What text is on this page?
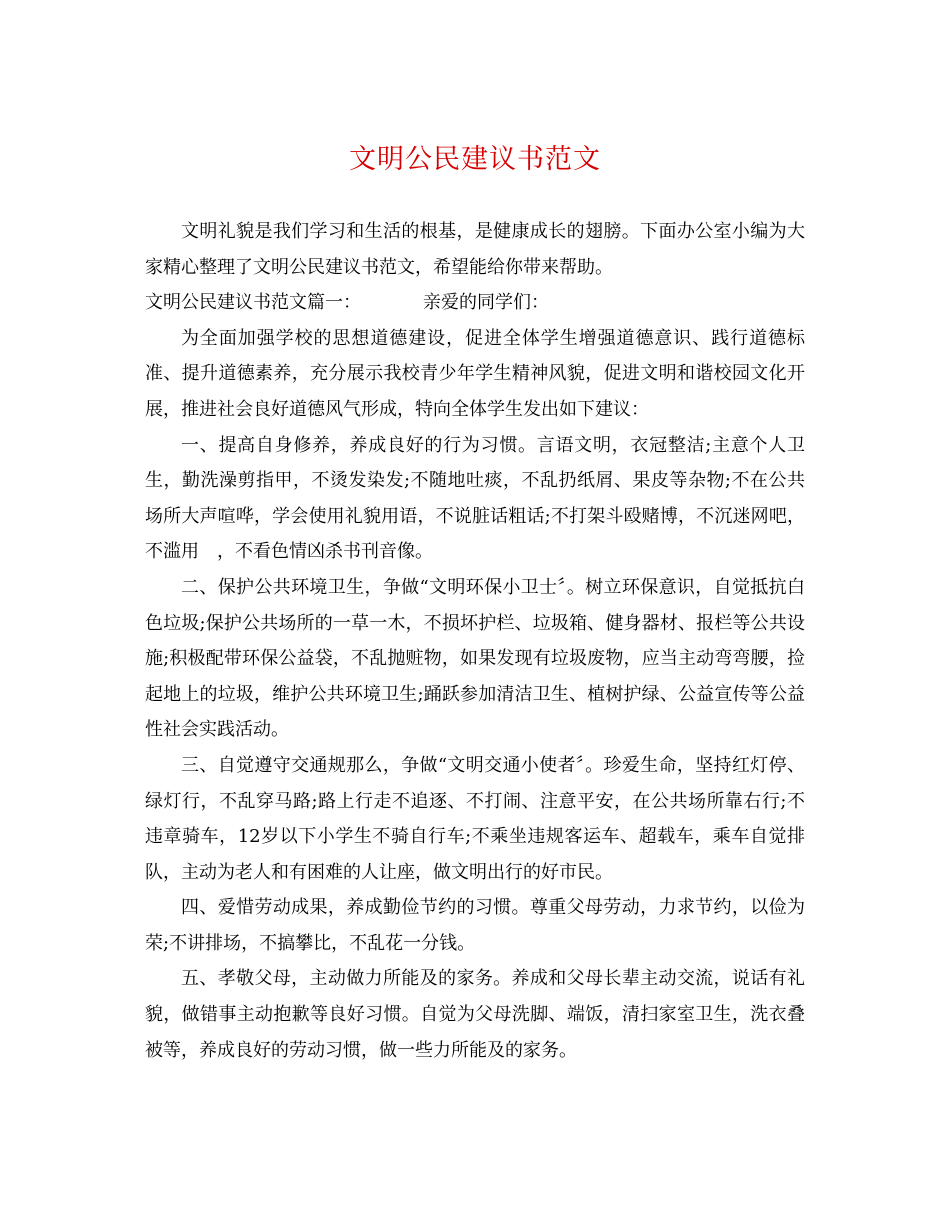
文明公民建议书范文

文明礼貌是我们学习和生活的根基，是健康成长的翅膀。下面办公室小编为大家精心整理了文明公民建议书范文，希望能给你带来帮助。

文明公民建议书范文篇一：	亲爱的同学们：

为全面加强学校的思想道德建设，促进全体学生增强道德意识、践行道德标准、提升道德素养，充分展示我校青少年学生精神风貌，促进文明和谐校园文化开展，推进社会良好道德风气形成，特向全体学生发出如下建议：

一、提高自身修养，养成良好的行为习惯。言语文明，衣冠整洁;主意个人卫生，勤洗澡剪指甲，不烫发染发;不随地吐痰，不乱扔纸屑、果皮等杂物;不在公共场所大声喧哗，学会使用礼貌用语，不说脏话粗话;不打架斗殴赌博，不沉迷网吧，不滥用　，不看色情凶杀书刊音像。

二、保护公共环境卫生，争做“文明环保小卫士〞。树立环保意识，自觉抵抗白色垃圾;保护公共场所的一草一木，不损坏护栏、垃圾箱、健身器材、报栏等公共设施;积极配带环保公益袋，不乱抛赃物，如果发现有垃圾废物，应当主动弯弯腰，捡起地上的垃圾，维护公共环境卫生;踊跃参加清洁卫生、植树护绿、公益宣传等公益性社会实践活动。

三、自觉遵守交通规那么，争做“文明交通小使者〞。珍爱生命，坚持红灯停、绿灯行，不乱穿马路;路上行走不追逐、不打闹、注意平安，在公共场所靠右行;不违章骑车，12岁以下小学生不骑自行车;不乘坐违规客运车、超载车，乘车自觉排队，主动为老人和有困难的人让座，做文明出行的好市民。

四、爱惜劳动成果，养成勤俭节约的习惯。尊重父母劳动，力求节约，以俭为荣;不讲排场，不搞攀比，不乱花一分钱。

五、孝敬父母，主动做力所能及的家务。养成和父母长辈主动交流，说话有礼貌，做错事主动抱歉等良好习惯。自觉为父母洗脚、端饭，清扫家室卫生，洗衣叠被等，养成良好的劳动习惯，做一些力所能及的家务。
